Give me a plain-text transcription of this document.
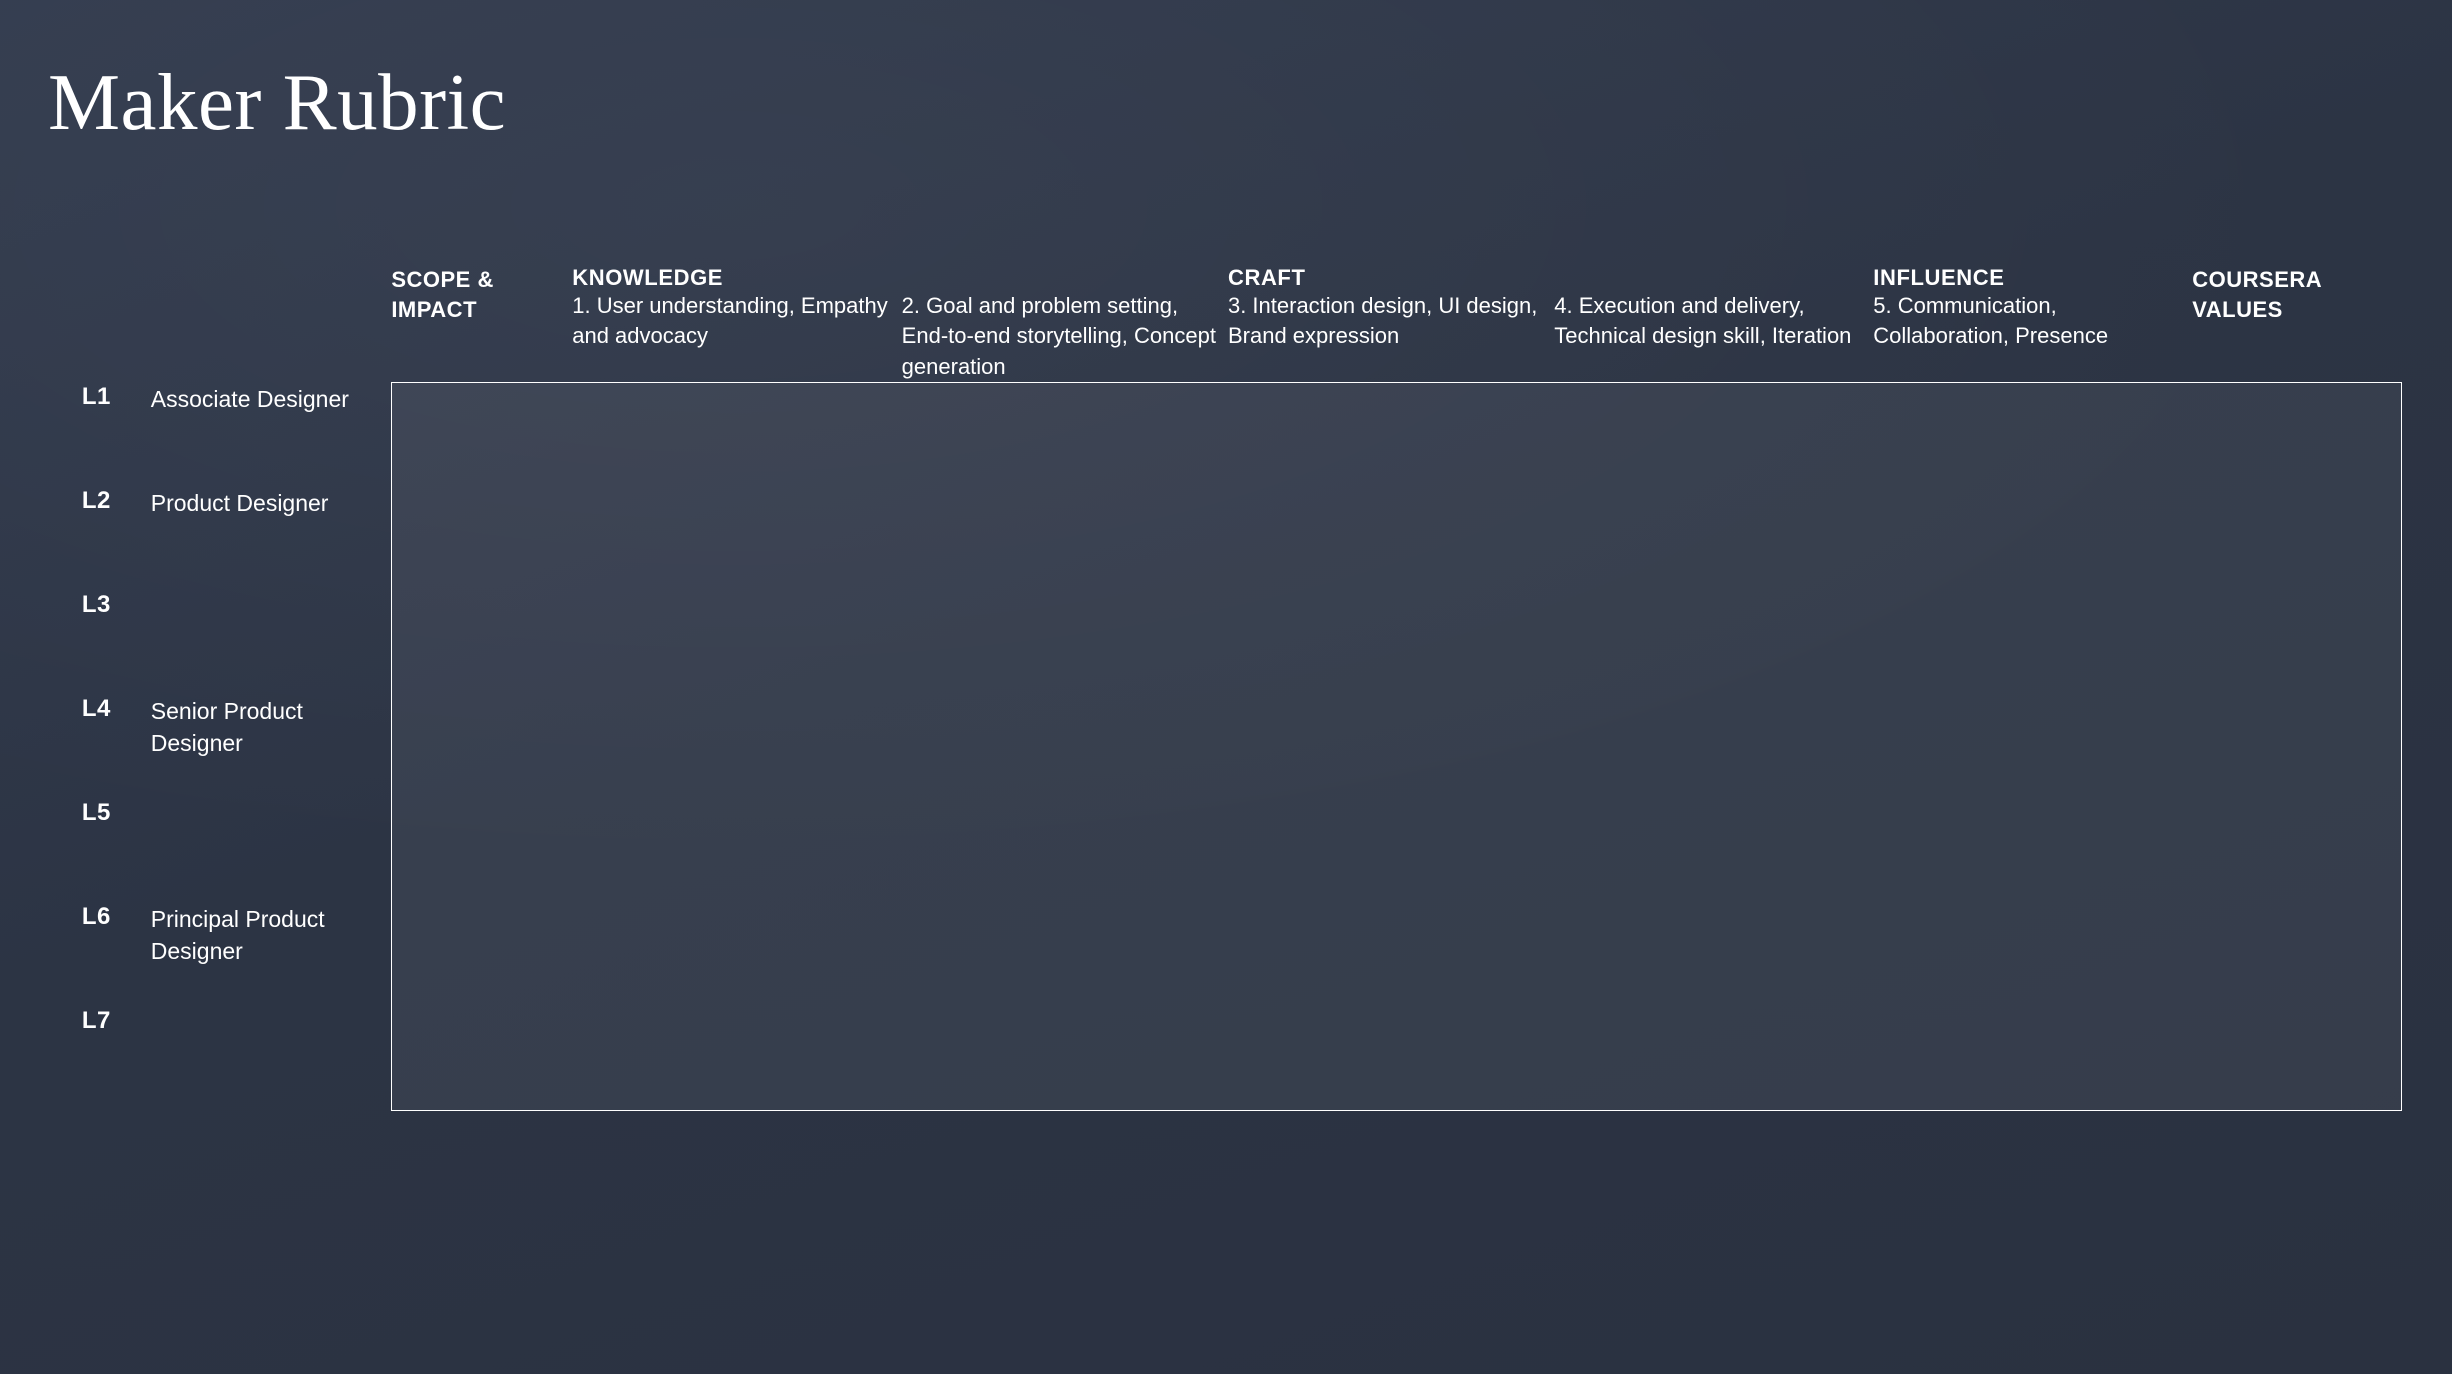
Maker Rubric
		SCOPE & IMPACT	KNOWLEDGE		CRAFT		INFLUENCE	COURSERA VALUES
			1. User understanding, Empathy and advocacy	2. Goal and problem setting, End-to-end storytelling, Concept generation	3. Interaction design, UI design, Brand expression	4. Execution and delivery, Technical design skill, Iteration	5. Communication, Collaboration, Presence	
L1	Associate Designer							
L2	Product Designer							
L3								
L4	Senior Product Designer							
L5								
L6	Principal Product Designer							
L7								
